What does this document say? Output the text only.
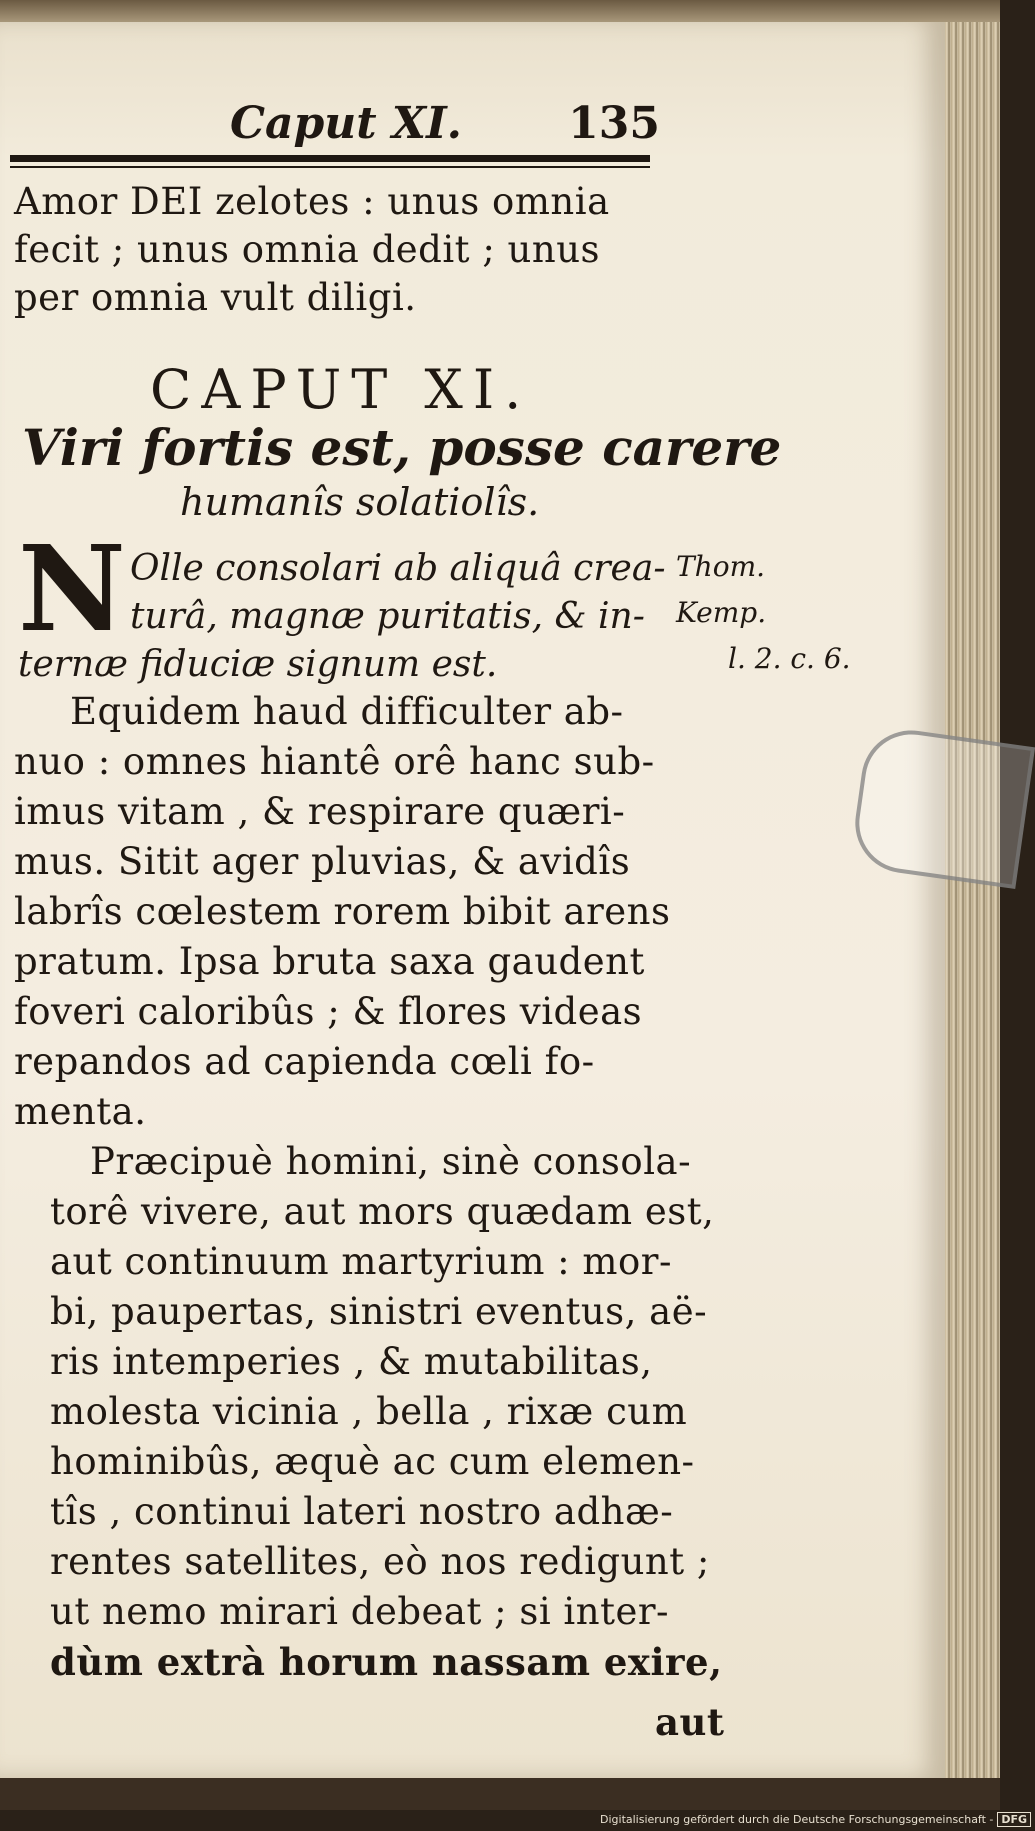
Caput XI. 135
Amor DEI zelotes : unus omnia
fecit ; unus omnia dedit ; unus
per omnia vult diligi.
CAPUT XI.
Viri fortis est, posse carere
humanîs solatiolîs.
N Olle consolari ab aliquâ crea-
turâ, magnæ puritatis, & in-
ternæ fiduciæ signum est.
Thom.
Kemp.
l. 2. c. 6.
Equidem haud difficulter ab-
nuo : omnes hiantê orê hanc sub-
imus vitam , & respirare quæri-
mus. Sitit ager pluvias, & avidîs
labrîs cœlestem rorem bibit arens
pratum. Ipsa bruta saxa gaudent
foveri caloribûs ; & flores videas
repandos ad capienda cœli fo-
menta.
Præcipuè homini, sinè consola-
torê vivere, aut mors quædam est,
aut continuum martyrium : mor-
bi, paupertas, sinistri eventus, aë-
ris intemperies , & mutabilitas,
molesta vicinia , bella , rixæ cum
hominibûs, æquè ac cum elemen-
tîs , continui lateri nostro adhæ-
rentes satellites, eò nos redigunt ;
ut nemo mirari debeat ; si inter-
dùm extrà horum nassam exire,
aut
Digitalisierung gefördert durch die Deutsche Forschungsgemeinschaft - DFG
